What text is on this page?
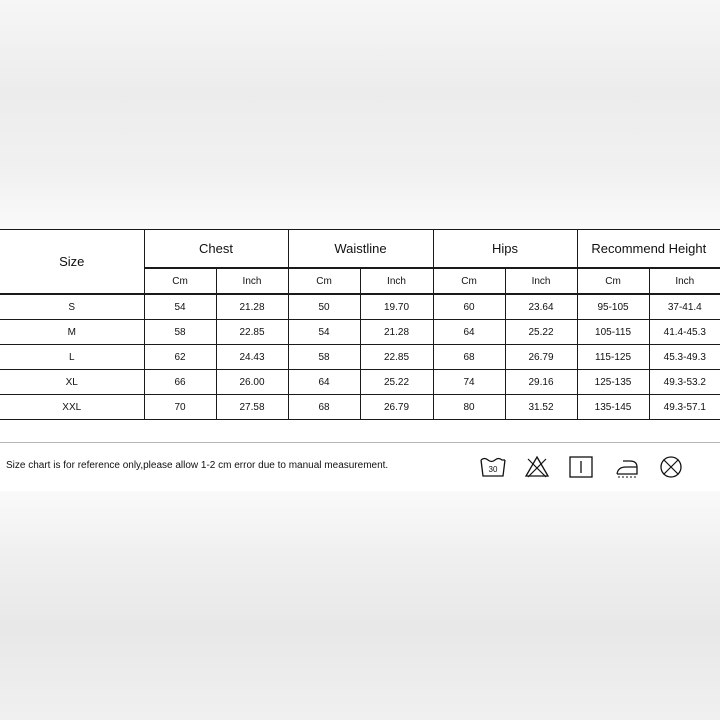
Size	Chest		Waistline		Hips		Recommend Height	
	Cm	Inch	Cm	Inch	Cm	Inch	Cm	Inch
S	54	21.28	50	19.70	60	23.64	95-105	37-41.4
M	58	22.85	54	21.28	64	25.22	105-115	41.4-45.3
L	62	24.43	58	22.85	68	26.79	115-125	45.3-49.3
XL	66	26.00	64	25.22	74	29.16	125-135	49.3-53.2
XXL	70	27.58	68	26.79	80	31.52	135-145	49.3-57.1
Size chart is for reference only,please allow 1-2 cm error due to manual measurement.	30
